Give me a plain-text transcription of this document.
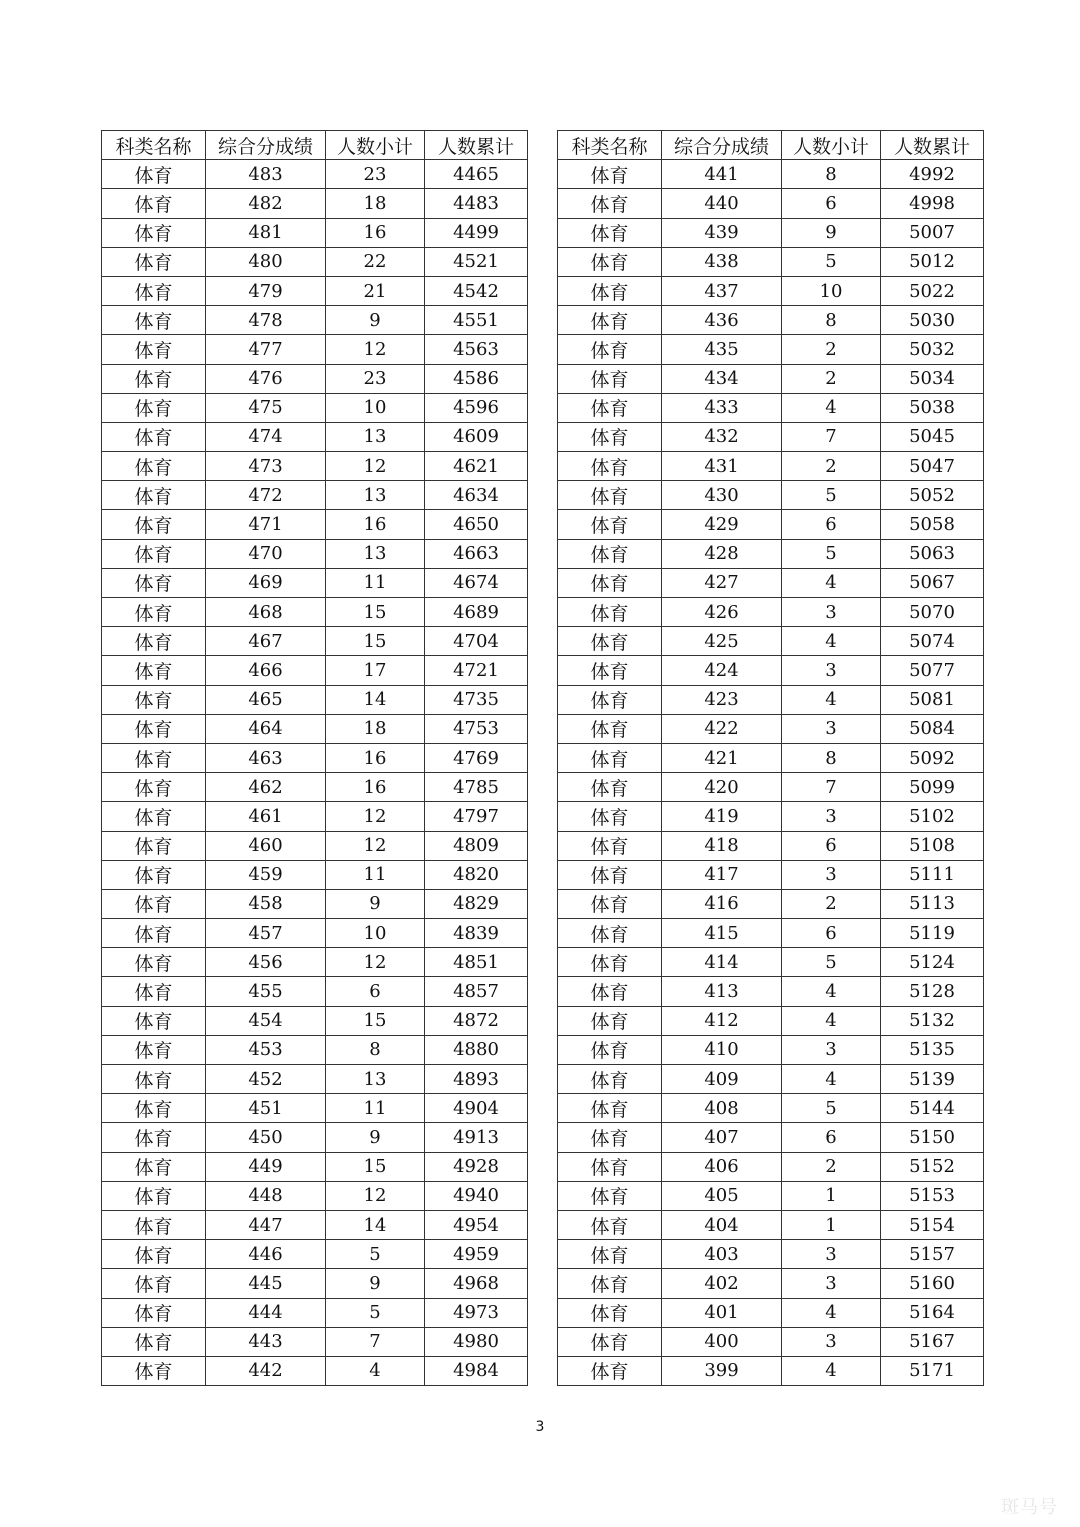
科类名称	综合分成绩	人数小计	人数累计
体育	483	23	4465
体育	482	18	4483
体育	481	16	4499
体育	480	22	4521
体育	479	21	4542
体育	478	9	4551
体育	477	12	4563
体育	476	23	4586
体育	475	10	4596
体育	474	13	4609
体育	473	12	4621
体育	472	13	4634
体育	471	16	4650
体育	470	13	4663
体育	469	11	4674
体育	468	15	4689
体育	467	15	4704
体育	466	17	4721
体育	465	14	4735
体育	464	18	4753
体育	463	16	4769
体育	462	16	4785
体育	461	12	4797
体育	460	12	4809
体育	459	11	4820
体育	458	9	4829
体育	457	10	4839
体育	456	12	4851
体育	455	6	4857
体育	454	15	4872
体育	453	8	4880
体育	452	13	4893
体育	451	11	4904
体育	450	9	4913
体育	449	15	4928
体育	448	12	4940
体育	447	14	4954
体育	446	5	4959
体育	445	9	4968
体育	444	5	4973
体育	443	7	4980
体育	442	4	4984
科类名称	综合分成绩	人数小计	人数累计
体育	441	8	4992
体育	440	6	4998
体育	439	9	5007
体育	438	5	5012
体育	437	10	5022
体育	436	8	5030
体育	435	2	5032
体育	434	2	5034
体育	433	4	5038
体育	432	7	5045
体育	431	2	5047
体育	430	5	5052
体育	429	6	5058
体育	428	5	5063
体育	427	4	5067
体育	426	3	5070
体育	425	4	5074
体育	424	3	5077
体育	423	4	5081
体育	422	3	5084
体育	421	8	5092
体育	420	7	5099
体育	419	3	5102
体育	418	6	5108
体育	417	3	5111
体育	416	2	5113
体育	415	6	5119
体育	414	5	5124
体育	413	4	5128
体育	412	4	5132
体育	410	3	5135
体育	409	4	5139
体育	408	5	5144
体育	407	6	5150
体育	406	2	5152
体育	405	1	5153
体育	404	1	5154
体育	403	3	5157
体育	402	3	5160
体育	401	4	5164
体育	400	3	5167
体育	399	4	5171
3
斑马号
